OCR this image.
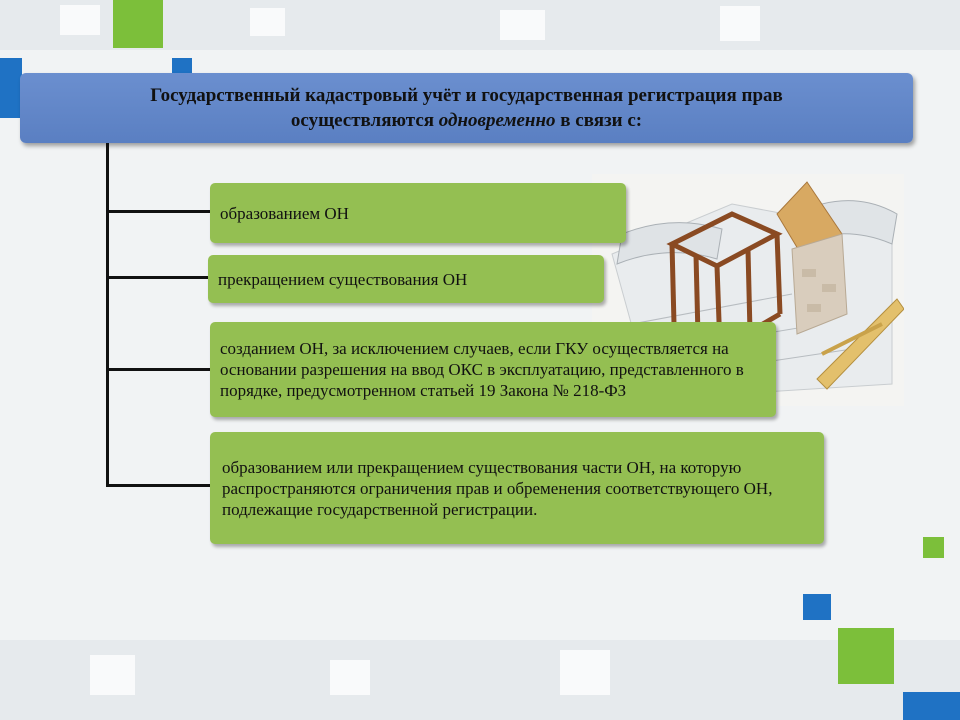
Государственный кадастровый учёт и государственная регистрация прав
осуществляются одновременно в связи с:
образованием ОН
прекращением существования ОН
созданием ОН, за исключением случаев, если ГКУ осуществляется на основании разрешения на ввод ОКС в эксплуатацию, представленного в порядке, предусмотренном статьей 19 Закона № 218-ФЗ
образованием или прекращением существования части ОН, на которую распространяются ограничения прав и обременения соответствующего ОН, подлежащие государственной регистрации.
